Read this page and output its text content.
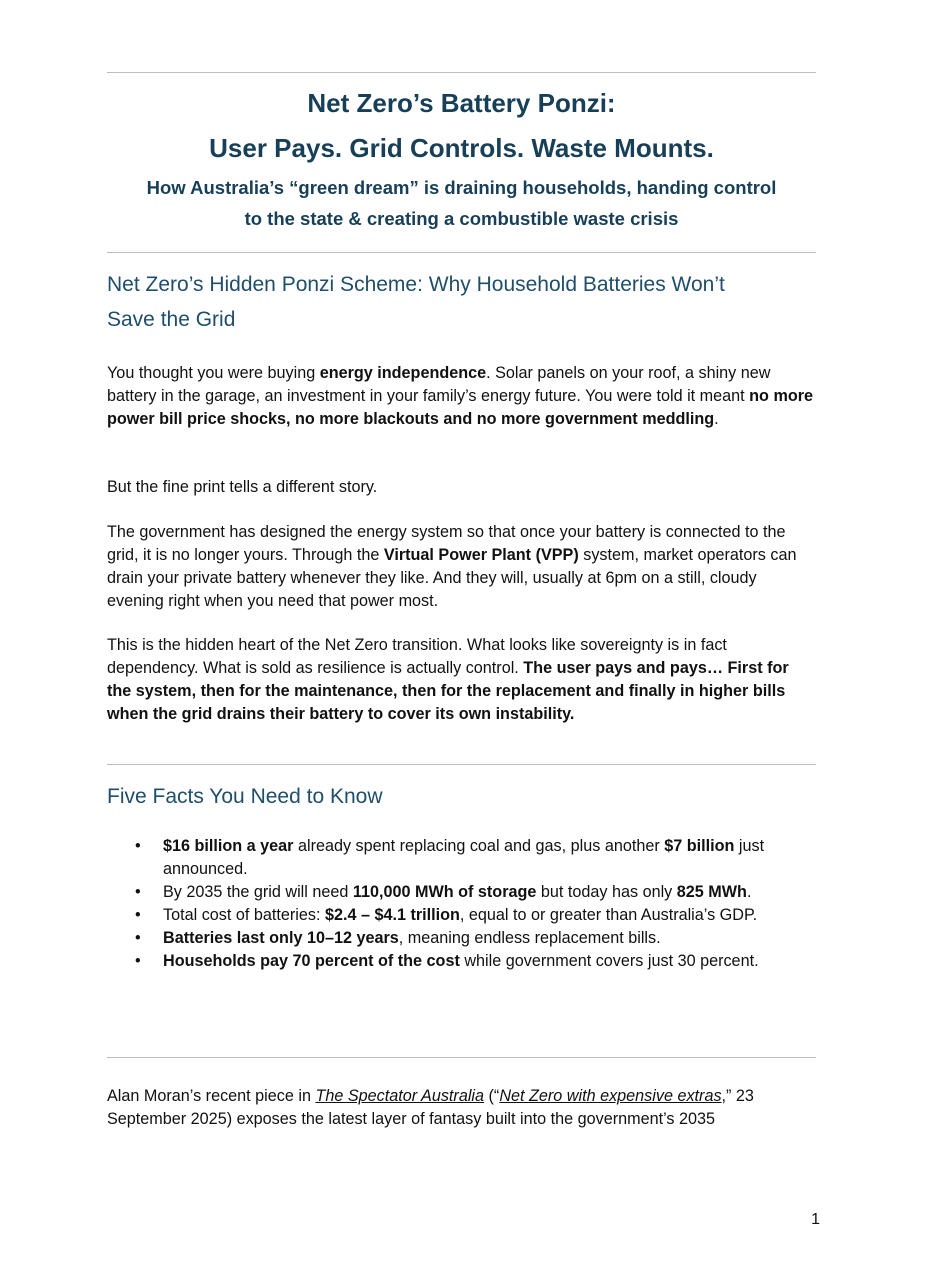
Net Zero’s Battery Ponzi:
User Pays. Grid Controls. Waste Mounts.

How Australia’s “green dream” is draining households, handing control
to the state & creating a combustible waste crisis

Net Zero’s Hidden Ponzi Scheme: Why Household Batteries Won’t
Save the Grid

You thought you were buying energy independence. Solar panels on your roof, a shiny new battery in the garage, an investment in your family’s energy future. You were told it meant no more power bill price shocks, no more blackouts and no more government meddling.

But the fine print tells a different story.

The government has designed the energy system so that once your battery is connected to the grid, it is no longer yours. Through the Virtual Power Plant (VPP) system, market operators can drain your private battery whenever they like. And they will, usually at 6pm on a still, cloudy evening right when you need that power most.

This is the hidden heart of the Net Zero transition. What looks like sovereignty is in fact dependency. What is sold as resilience is actually control. The user pays and pays… First for the system, then for the maintenance, then for the replacement and finally in higher bills when the grid drains their battery to cover its own instability.

Five Facts You Need to Know
• $16 billion a year already spent replacing coal and gas, plus another $7 billion just announced.
• By 2035 the grid will need 110,000 MWh of storage but today has only 825 MWh.
• Total cost of batteries: $2.4 – $4.1 trillion, equal to or greater than Australia’s GDP.
• Batteries last only 10–12 years, meaning endless replacement bills.
• Households pay 70 percent of the cost while government covers just 30 percent.

Alan Moran’s recent piece in The Spectator Australia (“Net Zero with expensive extras,” 23 September 2025) exposes the latest layer of fantasy built into the government’s 2035

1
